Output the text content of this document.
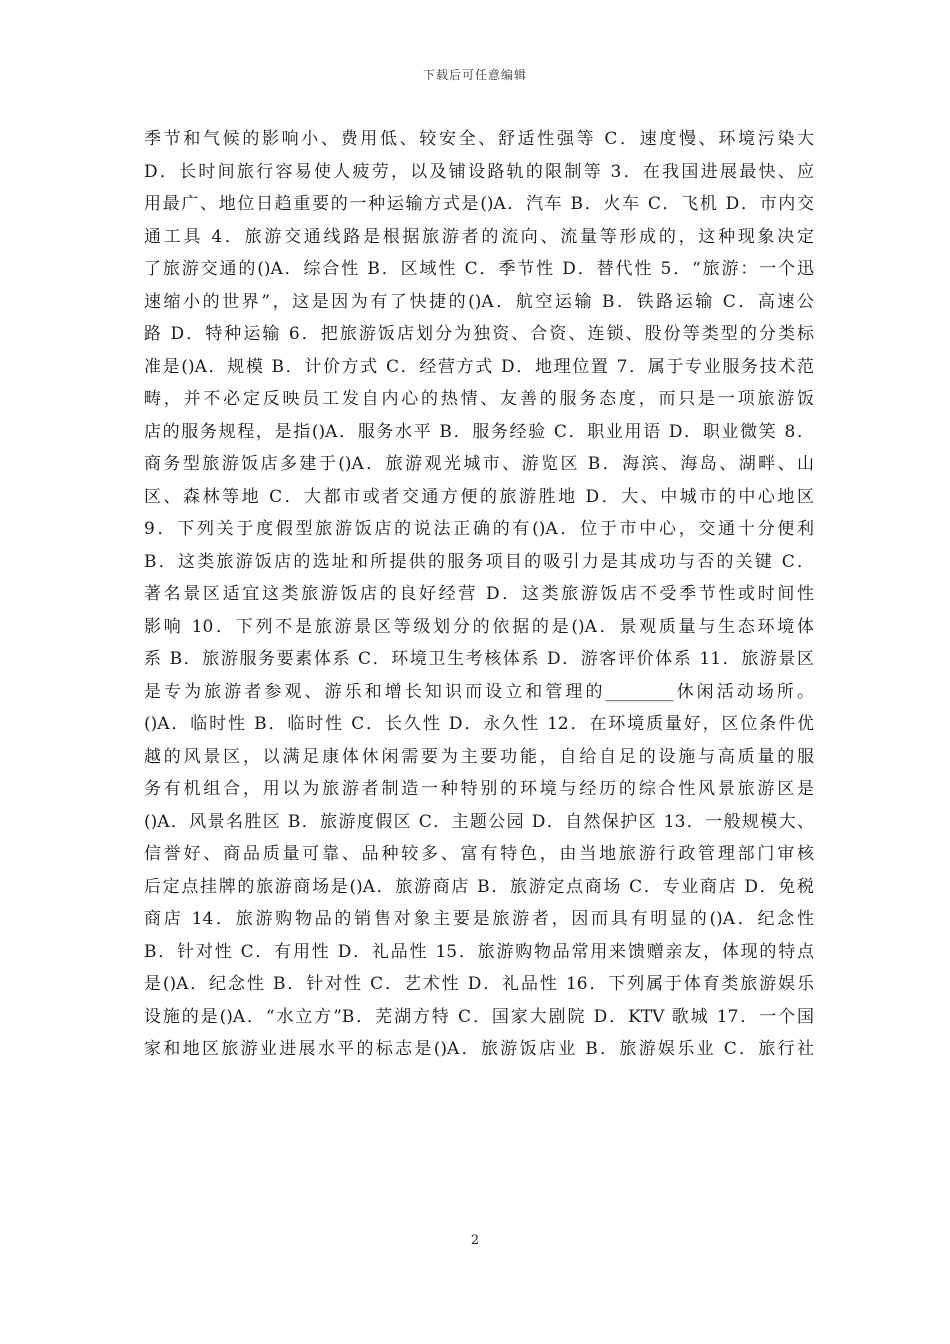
下载后可任意编辑
季节和气候的影响小、费用低、较安全、舒适性强等 C．速度慢、环境污染大
D．长时间旅行容易使人疲劳，以及铺设路轨的限制等 3．在我国进展最快、应
用最广、地位日趋重要的一种运输方式是()A．汽车 B．火车 C．飞机 D．市内交
通工具 4．旅游交通线路是根据旅游者的流向、流量等形成的，这种现象决定
了旅游交通的()A．综合性 B．区域性 C．季节性 D．替代性 5．“旅游：一个迅
速缩小的世界”，这是因为有了快捷的()A．航空运输 B．铁路运输 C．高速公
路 D．特种运输 6．把旅游饭店划分为独资、合资、连锁、股份等类型的分类标
准是()A．规模 B．计价方式 C．经营方式 D．地理位置 7．属于专业服务技术范
畴，并不必定反映员工发自内心的热情、友善的服务态度，而只是一项旅游饭
店的服务规程，是指()A．服务水平 B．服务经验 C．职业用语 D．职业微笑 8．
商务型旅游饭店多建于()A．旅游观光城市、游览区 B．海滨、海岛、湖畔、山
区、森林等地 C．大都市或者交通方便的旅游胜地 D．大、中城市的中心地区
9．下列关于度假型旅游饭店的说法正确的有()A．位于市中心，交通十分便利
B．这类旅游饭店的选址和所提供的服务项目的吸引力是其成功与否的关键 C．
著名景区适宜这类旅游饭店的良好经营 D．这类旅游饭店不受季节性或时间性
影响 10．下列不是旅游景区等级划分的依据的是()A．景观质量与生态环境体
系 B．旅游服务要素体系 C．环境卫生考核体系 D．游客评价体系 11．旅游景区
是专为旅游者参观、游乐和增长知识而设立和管理的________休闲活动场所。
()A．临时性 B．临时性 C．长久性 D．永久性 12．在环境质量好，区位条件优
越的风景区，以满足康体休闲需要为主要功能，自给自足的设施与高质量的服
务有机组合，用以为旅游者制造一种特别的环境与经历的综合性风景旅游区是
()A．风景名胜区 B．旅游度假区 C．主题公园 D．自然保护区 13．一般规模大、
信誉好、商品质量可靠、品种较多、富有特色，由当地旅游行政管理部门审核
后定点挂牌的旅游商场是()A．旅游商店 B．旅游定点商场 C．专业商店 D．免税
商店 14．旅游购物品的销售对象主要是旅游者，因而具有明显的()A．纪念性
B．针对性 C．有用性 D．礼品性 15．旅游购物品常用来馈赠亲友，体现的特点
是()A．纪念性 B．针对性 C．艺术性 D．礼品性 16．下列属于体育类旅游娱乐
设施的是()A．“水立方”B．芜湖方特 C．国家大剧院 D．KTV 歌城 17．一个国
家和地区旅游业进展水平的标志是()A．旅游饭店业 B．旅游娱乐业 C．旅行社
2
